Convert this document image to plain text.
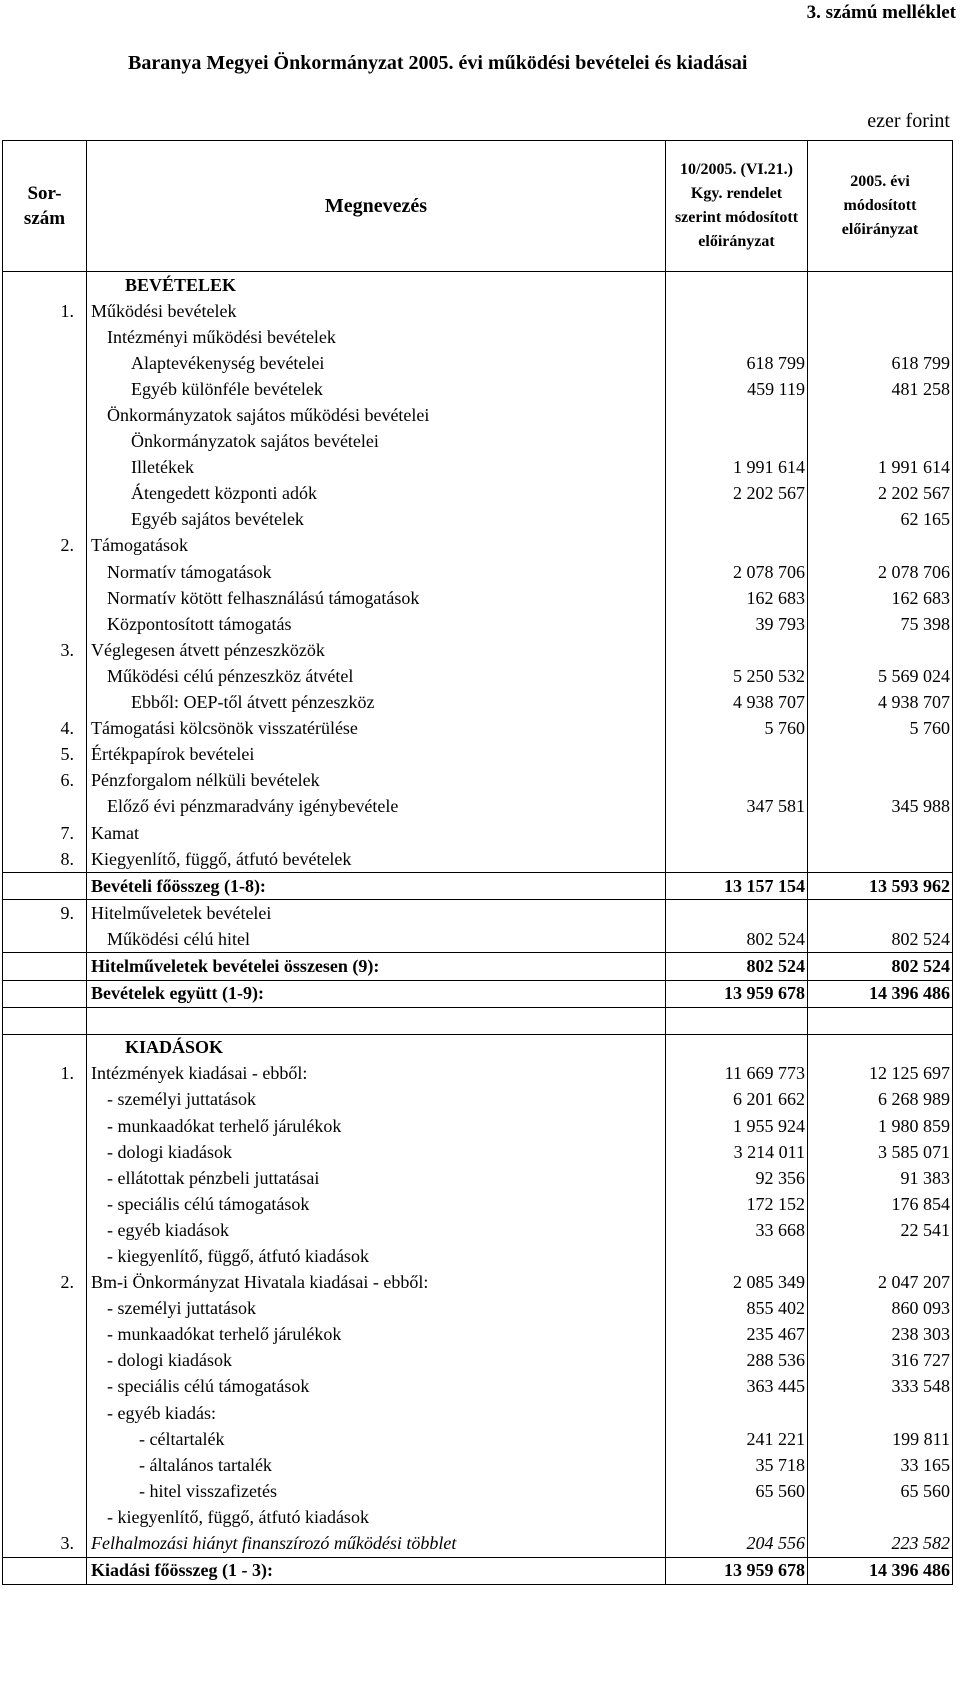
3. számú melléklet
Baranya Megyei Önkormányzat 2005. évi működési bevételei és kiadásai
ezer forint
Sor-
szám	Megnevezés	10/2005. (VI.21.)
Kgy. rendelet
szerint módosított
előirányzat	2005. évi
módosított
előirányzat
	BEVÉTELEK		
1.	Működési bevételek		
	Intézményi működési bevételek		
	Alaptevékenység bevételei	618 799	618 799
	Egyéb különféle bevételek	459 119	481 258
	Önkormányzatok sajátos működési bevételei		
	Önkormányzatok sajátos bevételei		
	Illetékek	1 991 614	1 991 614
	Átengedett központi adók	2 202 567	2 202 567
	Egyéb sajátos bevételek		62 165
2.	Támogatások		
	Normatív támogatások	2 078 706	2 078 706
	Normatív kötött felhasználású támogatások	162 683	162 683
	Központosított támogatás	39 793	75 398
3.	Véglegesen átvett pénzeszközök		
	Működési célú pénzeszköz átvétel	5 250 532	5 569 024
	Ebből: OEP-től átvett pénzeszköz	4 938 707	4 938 707
4.	Támogatási kölcsönök visszatérülése	5 760	5 760
5.	Értékpapírok bevételei		
6.	Pénzforgalom nélküli bevételek		
	Előző évi pénzmaradvány igénybevétele	347 581	345 988
7.	Kamat		
8.	Kiegyenlítő, függő, átfutó bevételek		
	Bevételi főösszeg (1-8):	13 157 154	13 593 962
9.	Hitelműveletek bevételei		
	Működési célú hitel	802 524	802 524
	Hitelműveletek bevételei összesen (9):	802 524	802 524
	Bevételek együtt (1-9):	13 959 678	14 396 486

	KIADÁSOK		
1.	Intézmények kiadásai - ebből:	11 669 773	12 125 697
	- személyi juttatások	6 201 662	6 268 989
	- munkaadókat terhelő járulékok	1 955 924	1 980 859
	- dologi kiadások	3 214 011	3 585 071
	- ellátottak pénzbeli juttatásai	92 356	91 383
	- speciális célú támogatások	172 152	176 854
	- egyéb kiadások	33 668	22 541
	- kiegyenlítő, függő, átfutó kiadások		
2.	Bm-i Önkormányzat Hivatala kiadásai - ebből:	2 085 349	2 047 207
	- személyi juttatások	855 402	860 093
	- munkaadókat terhelő járulékok	235 467	238 303
	- dologi kiadások	288 536	316 727
	- speciális célú támogatások	363 445	333 548
	- egyéb kiadás:		
	- céltartalék	241 221	199 811
	- általános tartalék	35 718	33 165
	- hitel visszafizetés	65 560	65 560
	- kiegyenlítő, függő, átfutó kiadások		
3.	Felhalmozási hiányt finanszírozó működési többlet	204 556	223 582
	Kiadási főösszeg (1 - 3):	13 959 678	14 396 486
